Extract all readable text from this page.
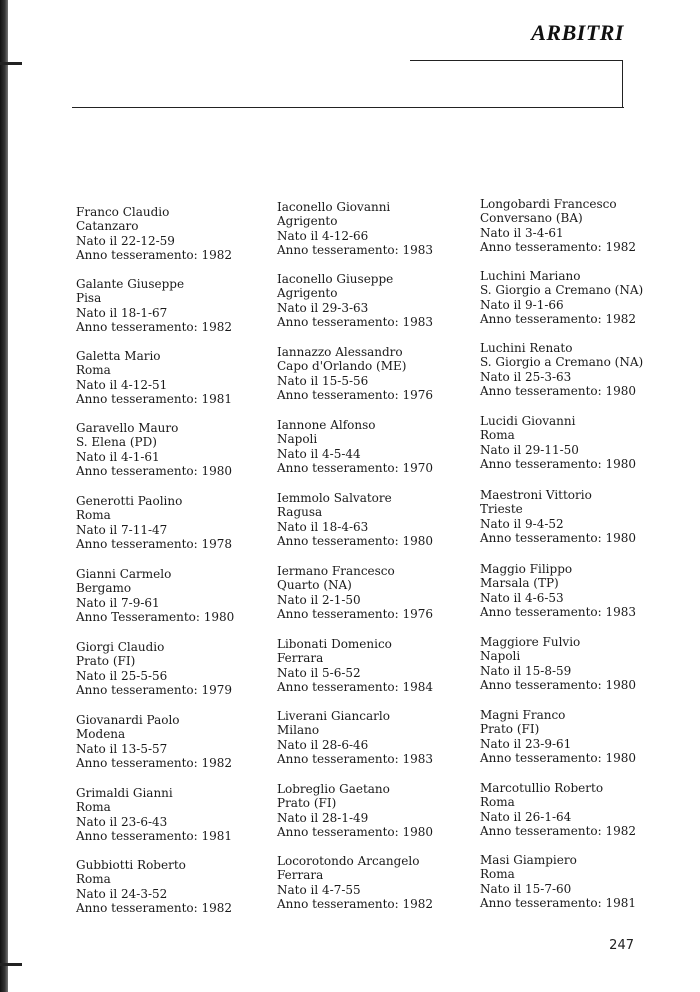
ARBITRI
Franco Claudio
Catanzaro
Nato il 22-12-59
Anno tesseramento: 1982
Galante Giuseppe
Pisa
Nato il 18-1-67
Anno tesseramento: 1982
Galetta Mario
Roma
Nato il 4-12-51
Anno tesseramento: 1981
Garavello Mauro
S. Elena (PD)
Nato il 4-1-61
Anno tesseramento: 1980
Generotti Paolino
Roma
Nato il 7-11-47
Anno tesseramento: 1978
Gianni Carmelo
Bergamo
Nato il 7-9-61
Anno Tesseramento: 1980
Giorgi Claudio
Prato (FI)
Nato il 25-5-56
Anno tesseramento: 1979
Giovanardi Paolo
Modena
Nato il 13-5-57
Anno tesseramento: 1982
Grimaldi Gianni
Roma
Nato il 23-6-43
Anno tesseramento: 1981
Gubbiotti Roberto
Roma
Nato il 24-3-52
Anno tesseramento: 1982
Iaconello Giovanni
Agrigento
Nato il 4-12-66
Anno tesseramento: 1983
Iaconello Giuseppe
Agrigento
Nato il 29-3-63
Anno tesseramento: 1983
Iannazzo Alessandro
Capo d'Orlando (ME)
Nato il 15-5-56
Anno tesseramento: 1976
Iannone Alfonso
Napoli
Nato il 4-5-44
Anno tesseramento: 1970
Iemmolo Salvatore
Ragusa
Nato il 18-4-63
Anno tesseramento: 1980
Iermano Francesco
Quarto (NA)
Nato il 2-1-50
Anno tesseramento: 1976
Libonati Domenico
Ferrara
Nato il 5-6-52
Anno tesseramento: 1984
Liverani Giancarlo
Milano
Nato il 28-6-46
Anno tesseramento: 1983
Lobreglio Gaetano
Prato (FI)
Nato il 28-1-49
Anno tesseramento: 1980
Locorotondo Arcangelo
Ferrara
Nato il 4-7-55
Anno tesseramento: 1982
Longobardi Francesco
Conversano (BA)
Nato il 3-4-61
Anno tesseramento: 1982
Luchini Mariano
S. Giorgio a Cremano (NA)
Nato il 9-1-66
Anno tesseramento: 1982
Luchini Renato
S. Giorgio a Cremano (NA)
Nato il 25-3-63
Anno tesseramento: 1980
Lucidi Giovanni
Roma
Nato il 29-11-50
Anno tesseramento: 1980
Maestroni Vittorio
Trieste
Nato il 9-4-52
Anno tesseramento: 1980
Maggio Filippo
Marsala (TP)
Nato il 4-6-53
Anno tesseramento: 1983
Maggiore Fulvio
Napoli
Nato il 15-8-59
Anno tesseramento: 1980
Magni Franco
Prato (FI)
Nato il 23-9-61
Anno tesseramento: 1980
Marcotullio Roberto
Roma
Nato il 26-1-64
Anno tesseramento: 1982
Masi Giampiero
Roma
Nato il 15-7-60
Anno tesseramento: 1981
247
